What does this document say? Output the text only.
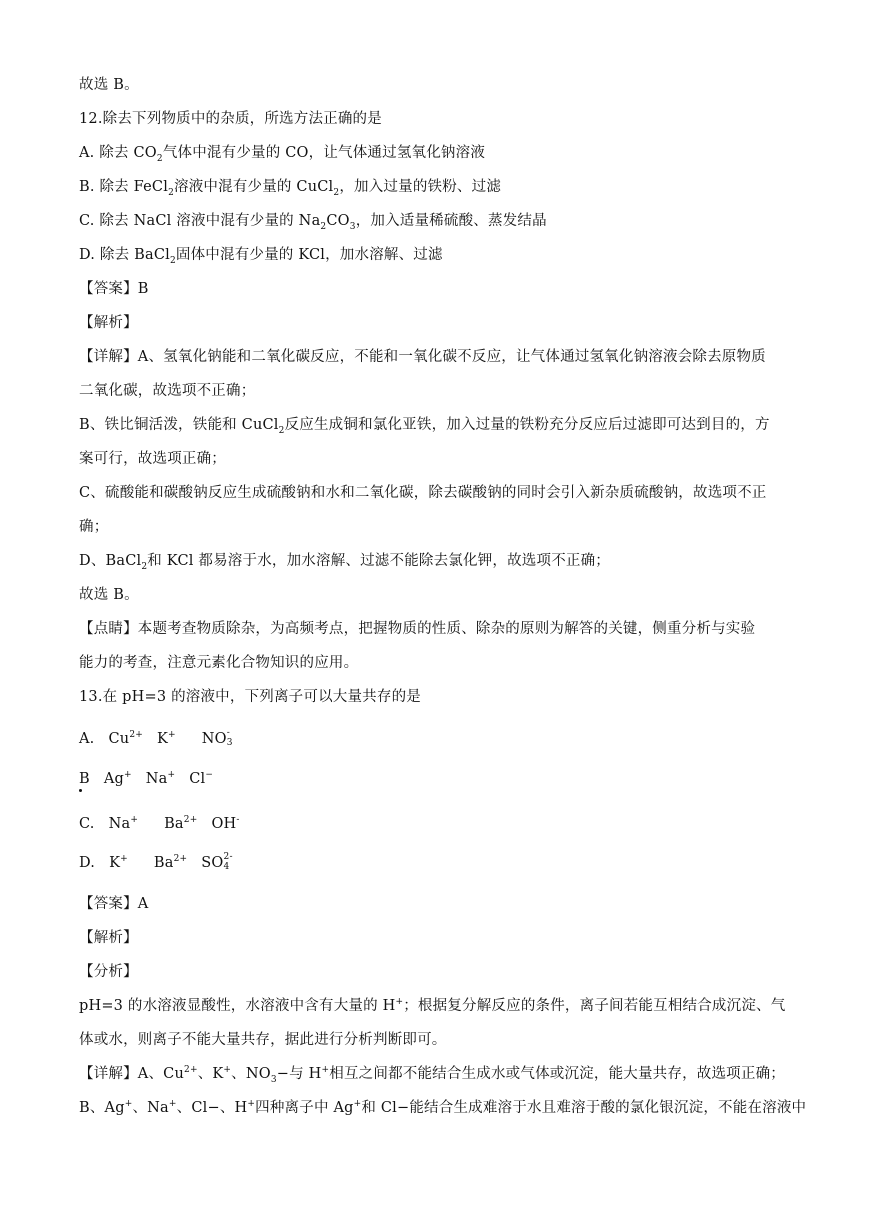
故选 B。
12.除去下列物质中的杂质，所选方法正确的是
A. 除去 $CO_2$气体中混有少量的 CO，让气体通过氢氧化钠溶液
B. 除去 FeCl$_2$溶液中混有少量的 CuCl$_2$，加入过量的铁粉、过滤
C. 除去 NaCl 溶液中混有少量的 $Na_2CO_3$，加入适量稀硫酸、蒸发结晶
D. 除去 BaCl$_2$固体中混有少量的 KCl，加水溶解、过滤
【答案】B
【解析】
【详解】A、氢氧化钠能和二氧化碳反应，不能和一氧化碳不反应，让气体通过氢氧化钠溶液会除去原物质
二氧化碳，故选项不正确；
B、铁比铜活泼，铁能和 CuCl$_2$反应生成铜和氯化亚铁，加入过量的铁粉充分反应后过滤即可达到目的，方
案可行，故选项正确；
C、硫酸能和碳酸钠反应生成硫酸钠和水和二氧化碳，除去碳酸钠的同时会引入新杂质硫酸钠，故选项不正
确；
D、BaCl$_2$和 KCl 都易溶于水，加水溶解、过滤不能除去氯化钾，故选项不正确；
故选 B。
【点睛】本题考查物质除杂，为高频考点，把握物质的性质、除杂的原则为解答的关键，侧重分析与实验
能力的考查，注意元素化合物知识的应用。
13.在 pH=3 的溶液中，下列离子可以大量共存的是
A. $Cu^{2+}$ K+ NO -
3
B Ag+ Na+ Cl−
C. Na+ $Ba^{2+}$ OH-
D. K+ $Ba^{2+}$ SO 2-
4
【答案】A
【解析】
【分析】
pH=3 的水溶液显酸性，水溶液中含有大量的 H+；根据复分解反应的条件，离子间若能互相结合成沉淀、气
体或水，则离子不能大量共存，据此进行分析判断即可。
【详解】A、$Cu^{2+}$、K+、$NO_3-$与 H+相互之间都不能结合生成水或气体或沉淀，能大量共存，故选项正确；
B、Ag+、Na+、Cl−、H+四种离子中 Ag+和 Cl−能结合生成难溶于水且难溶于酸的氯化银沉淀，不能在溶液中
